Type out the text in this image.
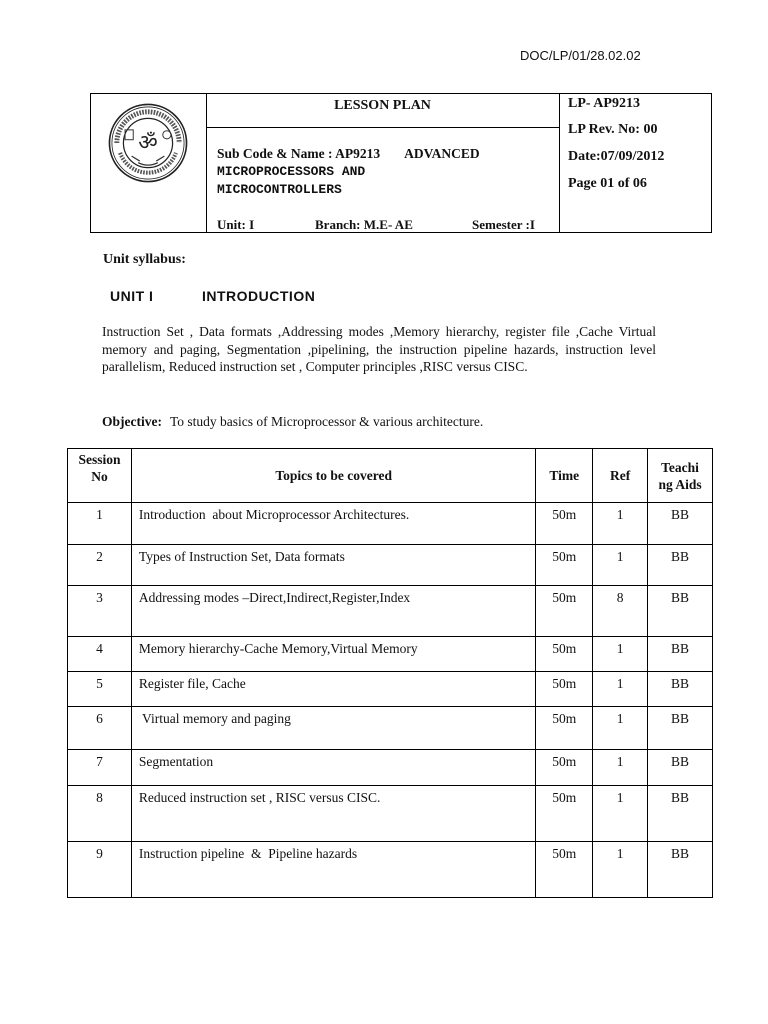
DOC/LP/01/28.02.02
ॐ
LESSON PLAN
Sub Code & Name : AP9213 ADVANCED
MICROPROCESSORS AND
MICROCONTROLLERS
Unit: I	Branch: M.E- AE	Semester :I
LP- AP9213
LP Rev. No: 00
Date:07/09/2012
Page 01 of 06
Unit syllabus:
UNIT I	INTRODUCTION
Instruction Set , Data formats ,Addressing modes ,Memory hierarchy, register file ,Cache Virtual memory and paging, Segmentation ,pipelining, the instruction pipeline hazards, instruction level parallelism, Reduced instruction set , Computer principles ,RISC versus CISC.
Objective: To study basics of Microprocessor & various architecture.
Session No	Topics to be covered	Time	Ref	Teachi ng Aids

1	Introduction  about Microprocessor Architectures.	50m	1	BB
2	Types of Instruction Set, Data formats	50m	1	BB
3	Addressing modes –Direct,Indirect,Register,Index	50m	8	BB
4	Memory hierarchy-Cache Memory,Virtual Memory	50m	1	BB
5	Register file, Cache	50m	1	BB
6	Virtual memory and paging	50m	1	BB
7	Segmentation	50m	1	BB
8	Reduced instruction set , RISC versus CISC.	50m	1	BB
9	Instruction pipeline  &  Pipeline hazards	50m	1	BB
